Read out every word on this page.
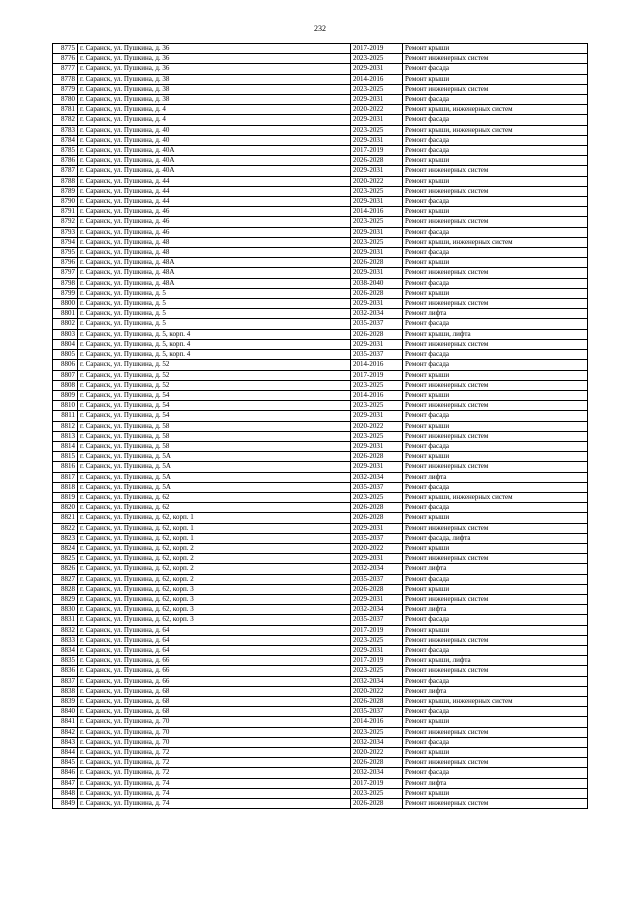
232
8775	г. Саранск, ул. Пушкина, д. 36	2017-2019	Ремонт крыши
8776	г. Саранск, ул. Пушкина, д. 36	2023-2025	Ремонт инженерных систем
8777	г. Саранск, ул. Пушкина, д. 36	2029-2031	Ремонт фасада
8778	г. Саранск, ул. Пушкина, д. 38	2014-2016	Ремонт крыши
8779	г. Саранск, ул. Пушкина, д. 38	2023-2025	Ремонт инженерных систем
8780	г. Саранск, ул. Пушкина, д. 38	2029-2031	Ремонт фасада
8781	г. Саранск, ул. Пушкина, д. 4	2020-2022	Ремонт крыши, инженерных систем
8782	г. Саранск, ул. Пушкина, д. 4	2029-2031	Ремонт фасада
8783	г. Саранск, ул. Пушкина, д. 40	2023-2025	Ремонт крыши, инженерных систем
8784	г. Саранск, ул. Пушкина, д. 40	2029-2031	Ремонт фасада
8785	г. Саранск, ул. Пушкина, д. 40А	2017-2019	Ремонт фасада
8786	г. Саранск, ул. Пушкина, д. 40А	2026-2028	Ремонт крыши
8787	г. Саранск, ул. Пушкина, д. 40А	2029-2031	Ремонт инженерных систем
8788	г. Саранск, ул. Пушкина, д. 44	2020-2022	Ремонт крыши
8789	г. Саранск, ул. Пушкина, д. 44	2023-2025	Ремонт инженерных систем
8790	г. Саранск, ул. Пушкина, д. 44	2029-2031	Ремонт фасада
8791	г. Саранск, ул. Пушкина, д. 46	2014-2016	Ремонт крыши
8792	г. Саранск, ул. Пушкина, д. 46	2023-2025	Ремонт инженерных систем
8793	г. Саранск, ул. Пушкина, д. 46	2029-2031	Ремонт фасада
8794	г. Саранск, ул. Пушкина, д. 48	2023-2025	Ремонт крыши, инженерных систем
8795	г. Саранск, ул. Пушкина, д. 48	2029-2031	Ремонт фасада
8796	г. Саранск, ул. Пушкина, д. 48А	2026-2028	Ремонт крыши
8797	г. Саранск, ул. Пушкина, д. 48А	2029-2031	Ремонт инженерных систем
8798	г. Саранск, ул. Пушкина, д. 48А	2038-2040	Ремонт фасада
8799	г. Саранск, ул. Пушкина, д. 5	2026-2028	Ремонт крыши
8800	г. Саранск, ул. Пушкина, д. 5	2029-2031	Ремонт инженерных систем
8801	г. Саранск, ул. Пушкина, д. 5	2032-2034	Ремонт лифта
8802	г. Саранск, ул. Пушкина, д. 5	2035-2037	Ремонт фасада
8803	г. Саранск, ул. Пушкина, д. 5, корп. 4	2026-2028	Ремонт крыши, лифта
8804	г. Саранск, ул. Пушкина, д. 5, корп. 4	2029-2031	Ремонт инженерных систем
8805	г. Саранск, ул. Пушкина, д. 5, корп. 4	2035-2037	Ремонт фасада
8806	г. Саранск, ул. Пушкина, д. 52	2014-2016	Ремонт фасада
8807	г. Саранск, ул. Пушкина, д. 52	2017-2019	Ремонт крыши
8808	г. Саранск, ул. Пушкина, д. 52	2023-2025	Ремонт инженерных систем
8809	г. Саранск, ул. Пушкина, д. 54	2014-2016	Ремонт крыши
8810	г. Саранск, ул. Пушкина, д. 54	2023-2025	Ремонт инженерных систем
8811	г. Саранск, ул. Пушкина, д. 54	2029-2031	Ремонт фасада
8812	г. Саранск, ул. Пушкина, д. 58	2020-2022	Ремонт крыши
8813	г. Саранск, ул. Пушкина, д. 58	2023-2025	Ремонт инженерных систем
8814	г. Саранск, ул. Пушкина, д. 58	2029-2031	Ремонт фасада
8815	г. Саранск, ул. Пушкина, д. 5А	2026-2028	Ремонт крыши
8816	г. Саранск, ул. Пушкина, д. 5А	2029-2031	Ремонт инженерных систем
8817	г. Саранск, ул. Пушкина, д. 5А	2032-2034	Ремонт лифта
8818	г. Саранск, ул. Пушкина, д. 5А	2035-2037	Ремонт фасада
8819	г. Саранск, ул. Пушкина, д. 62	2023-2025	Ремонт крыши, инженерных систем
8820	г. Саранск, ул. Пушкина, д. 62	2026-2028	Ремонт фасада
8821	г. Саранск, ул. Пушкина, д. 62, корп. 1	2026-2028	Ремонт крыши
8822	г. Саранск, ул. Пушкина, д. 62, корп. 1	2029-2031	Ремонт инженерных систем
8823	г. Саранск, ул. Пушкина, д. 62, корп. 1	2035-2037	Ремонт фасада, лифта
8824	г. Саранск, ул. Пушкина, д. 62, корп. 2	2020-2022	Ремонт крыши
8825	г. Саранск, ул. Пушкина, д. 62, корп. 2	2029-2031	Ремонт инженерных систем
8826	г. Саранск, ул. Пушкина, д. 62, корп. 2	2032-2034	Ремонт лифта
8827	г. Саранск, ул. Пушкина, д. 62, корп. 2	2035-2037	Ремонт фасада
8828	г. Саранск, ул. Пушкина, д. 62, корп. 3	2026-2028	Ремонт крыши
8829	г. Саранск, ул. Пушкина, д. 62, корп. 3	2029-2031	Ремонт инженерных систем
8830	г. Саранск, ул. Пушкина, д. 62, корп. 3	2032-2034	Ремонт лифта
8831	г. Саранск, ул. Пушкина, д. 62, корп. 3	2035-2037	Ремонт фасада
8832	г. Саранск, ул. Пушкина, д. 64	2017-2019	Ремонт крыши
8833	г. Саранск, ул. Пушкина, д. 64	2023-2025	Ремонт инженерных систем
8834	г. Саранск, ул. Пушкина, д. 64	2029-2031	Ремонт фасада
8835	г. Саранск, ул. Пушкина, д. 66	2017-2019	Ремонт крыши, лифта
8836	г. Саранск, ул. Пушкина, д. 66	2023-2025	Ремонт инженерных систем
8837	г. Саранск, ул. Пушкина, д. 66	2032-2034	Ремонт фасада
8838	г. Саранск, ул. Пушкина, д. 68	2020-2022	Ремонт лифта
8839	г. Саранск, ул. Пушкина, д. 68	2026-2028	Ремонт крыши, инженерных систем
8840	г. Саранск, ул. Пушкина, д. 68	2035-2037	Ремонт фасада
8841	г. Саранск, ул. Пушкина, д. 70	2014-2016	Ремонт крыши
8842	г. Саранск, ул. Пушкина, д. 70	2023-2025	Ремонт инженерных систем
8843	г. Саранск, ул. Пушкина, д. 70	2032-2034	Ремонт фасада
8844	г. Саранск, ул. Пушкина, д. 72	2020-2022	Ремонт крыши
8845	г. Саранск, ул. Пушкина, д. 72	2026-2028	Ремонт инженерных систем
8846	г. Саранск, ул. Пушкина, д. 72	2032-2034	Ремонт фасада
8847	г. Саранск, ул. Пушкина, д. 74	2017-2019	Ремонт лифта
8848	г. Саранск, ул. Пушкина, д. 74	2023-2025	Ремонт крыши
8849	г. Саранск, ул. Пушкина, д. 74	2026-2028	Ремонт инженерных систем
